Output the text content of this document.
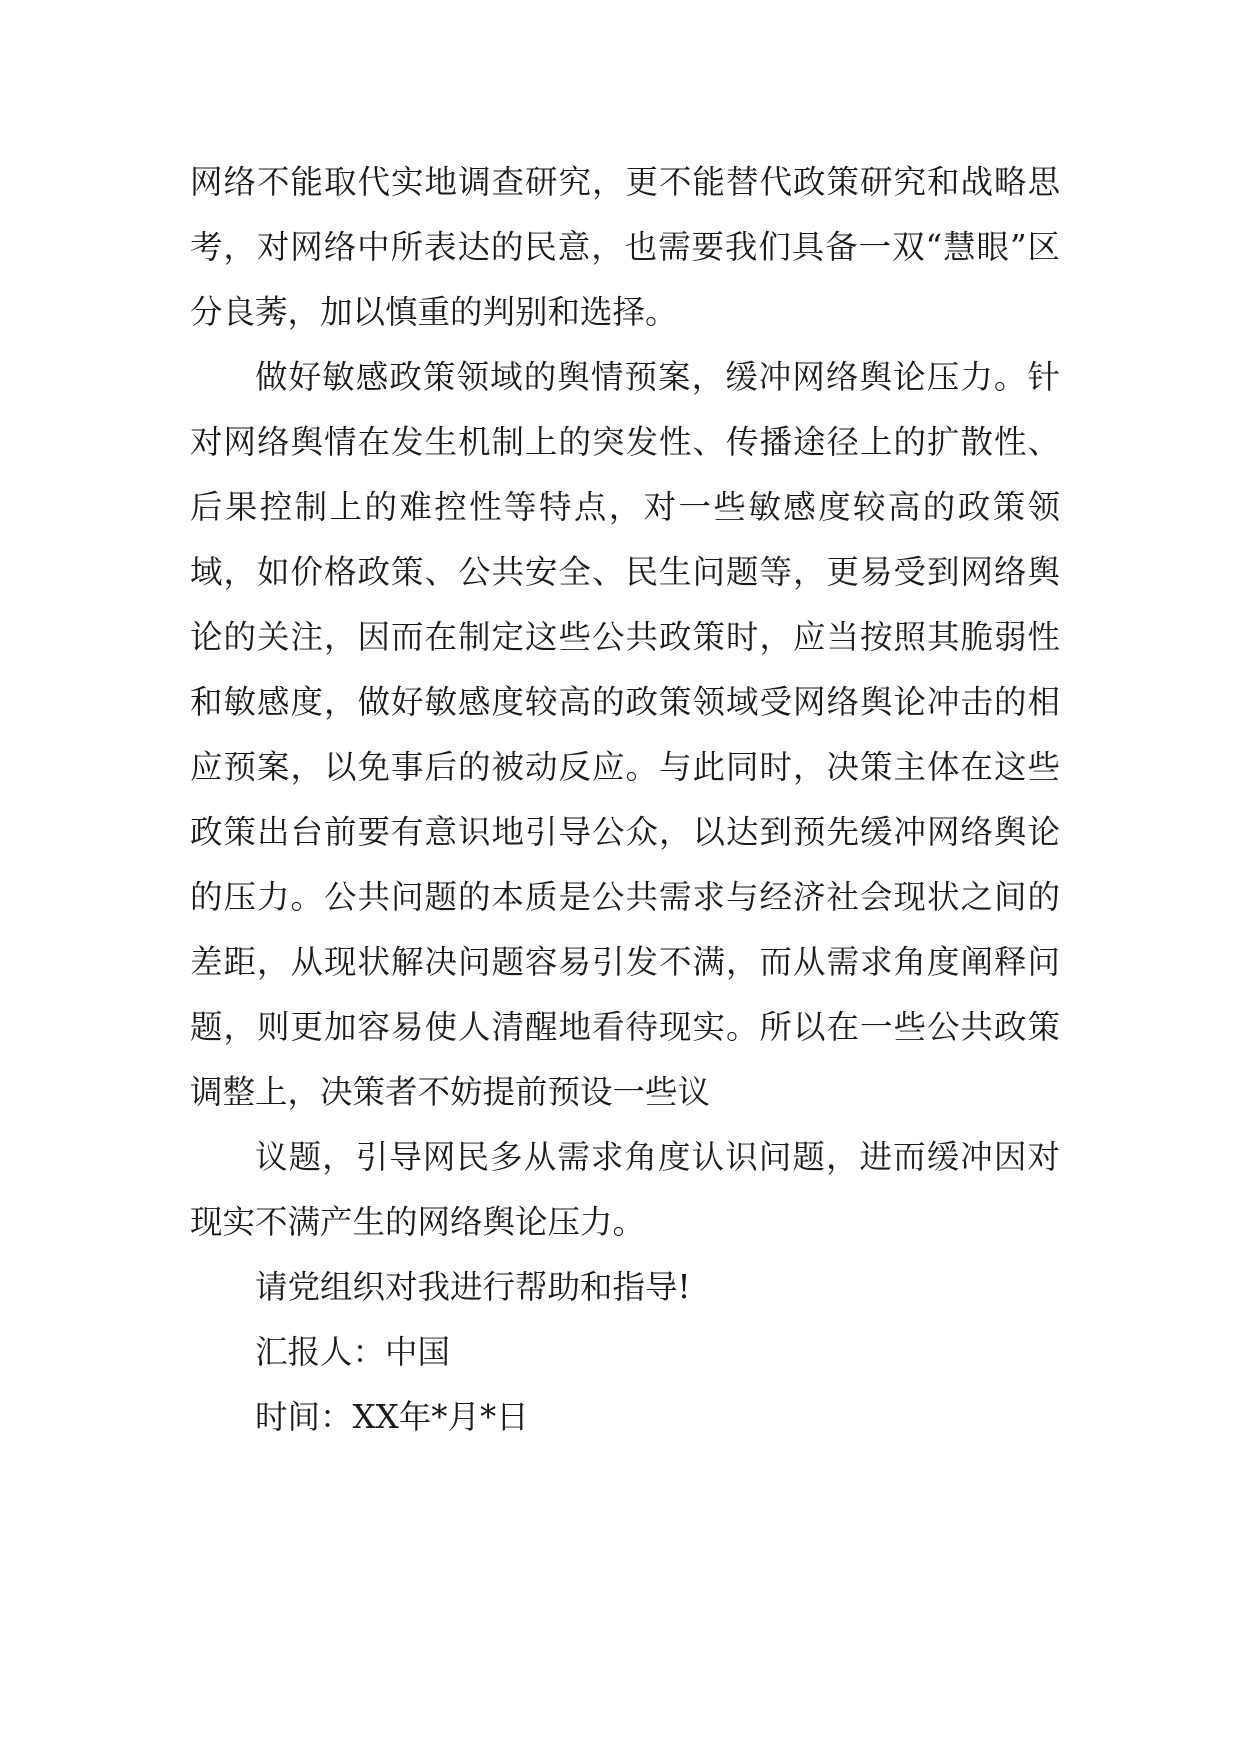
网络不能取代实地调查研究，更不能替代政策研究和战略思考，对网络中所表达的民意，也需要我们具备一双“慧眼”区分良莠，加以慎重的判别和选择。

做好敏感政策领域的舆情预案，缓冲网络舆论压力。针对网络舆情在发生机制上的突发性、传播途径上的扩散性、后果控制上的难控性等特点，对一些敏感度较高的政策领域，如价格政策、公共安全、民生问题等，更易受到网络舆论的关注，因而在制定这些公共政策时，应当按照其脆弱性和敏感度，做好敏感度较高的政策领域受网络舆论冲击的相应预案，以免事后的被动反应。与此同时，决策主体在这些政策出台前要有意识地引导公众，以达到预先缓冲网络舆论的压力。公共问题的本质是公共需求与经济社会现状之间的差距，从现状解决问题容易引发不满，而从需求角度阐释问题，则更加容易使人清醒地看待现实。所以在一些公共政策调整上，决策者不妨提前预设一些议

议题，引导网民多从需求角度认识问题，进而缓冲因对现实不满产生的网络舆论压力。

请党组织对我进行帮助和指导!

汇报人：中国

时间：XX年*月*日
